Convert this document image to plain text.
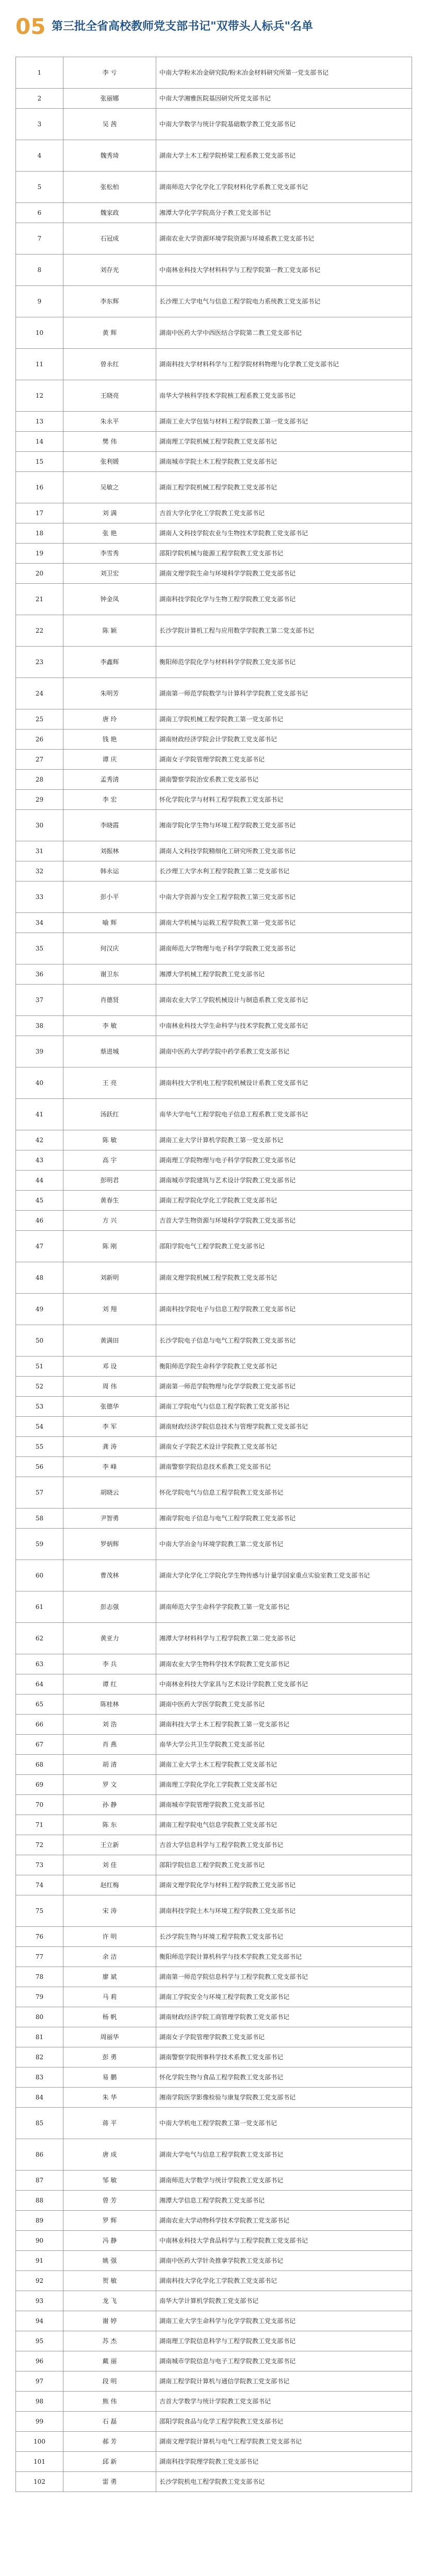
05 第三批全省高校教师党支部书记"双带头人标兵"名单
1	李 亏	中南大学粉末冶金研究院/粉末冶金材料研究所第一党支部书记
2	张丽娜	中南大学湘雅医院基因研究所党支部书记
3	吴 茜	中南大学数学与统计学院基础数学教工党支部书记
4	魏秀琦	湖南大学土木工程学院桥梁工程系教工党支部书记
5	张松柏	湖南师范大学化学化工学院材料化学系教工党支部书记
6	魏家政	湘潭大学化学学院高分子教工党支部书记
7	石冠成	湖南农业大学资源环境学院资源与环境系教工党支部书记
8	刘存光	中南林业科技大学材料科学与工程学院第一教工党支部书记
9	李东辉	长沙理工大学电气与信息工程学院电力系统教工党支部书记
10	黄 辉	湖南中医药大学中西医结合学院第二教工党支部书记
11	曾永红	湖南科技大学材料科学与工程学院材料物理与化学教工党支部书记
12	王晓亮	南华大学核科学技术学院核工程系教工党支部书记
13	朱永平	湖南工业大学包装与材料工程学院教工第一党支部书记
14	樊 伟	湖南理工学院机械工程学院教工党支部书记
15	张利媛	湖南城市学院土木工程学院教工党支部书记
16	吴敏之	湖南工程学院机械工程学院教工党支部书记
17	刘 满	吉首大学化学化工学院教工党支部书记
18	张 艳	湖南人文科技学院农业与生物技术学院教工党支部书记
19	李雪秀	邵阳学院机械与能源工程学院教工党支部书记
20	刘卫宏	湖南文理学院生命与环境科学学院教工党支部书记
21	钟金凤	湖南科技学院化学与生物工程学院教工党支部书记
22	陈 颖	长沙学院计算机工程与应用数学学院教工第二党支部书记
23	李鑫辉	衡阳师范学院化学与材料科学学院教工党支部书记
24	朱明芳	湖南第一师范学院数学与计算科学学院教工党支部书记
25	唐 玲	湖南工学院机械工程学院教工第一党支部书记
26	钱 艳	湖南财政经济学院会计学院教工党支部书记
27	谭 庆	湖南女子学院管理学院教工党支部书记
28	孟秀清	湖南警察学院治安系教工党支部书记
29	李 宏	怀化学院化学与材料工程学院教工党支部书记
30	李晓霞	湘南学院化学生物与环境工程学院教工党支部书记
31	刘振林	湖南人文科技学院精细化工研究所教工党支部书记
32	韩永运	长沙理工大学水利工程学院教工第二党支部书记
33	彭小平	中南大学资源与安全工程学院教工第三党支部书记
34	喻 辉	湖南大学机械与运载工程学院教工第一党支部书记
35	何汉庆	湖南师范大学物理与电子科学学院教工党支部书记
36	谢卫东	湘潭大学机械工程学院教工党支部书记
37	肖德贤	湖南农业大学工学院机械设计与制造系教工党支部书记
38	李 敏	中南林业科技大学生命科学与技术学院教工党支部书记
39	蔡进城	湖南中医药大学药学院中药学系教工党支部书记
40	王 亮	湖南科技大学机电工程学院机械设计系教工党支部书记
41	汤跃红	南华大学电气工程学院电子信息工程系教工党支部书记
42	陈 敏	湖南工业大学计算机学院教工第一党支部书记
43	高 宇	湖南理工学院物理与电子科学学院教工党支部书记
44	彭明君	湖南城市学院建筑与艺术设计学院教工党支部书记
45	黄春生	湖南工程学院化学化工学院教工党支部书记
46	方 兴	吉首大学生物资源与环境科学学院教工党支部书记
47	陈 刚	邵阳学院电气工程学院教工党支部书记
48	刘新明	湖南文理学院机械工程学院教工党支部书记
49	刘 翔	湖南科技学院电子与信息工程学院教工党支部书记
50	黄满田	长沙学院电子信息与电气工程学院教工党支部书记
51	邓 设	衡阳师范学院生命科学学院教工党支部书记
52	周 伟	湖南第一师范学院物理与化学学院教工党支部书记
53	张德华	湖南工学院电气与信息工程学院教工党支部书记
54	李 军	湖南财政经济学院信息技术与管理学院教工党支部书记
55	龚 涛	湖南女子学院艺术设计学院教工党支部书记
56	李 峰	湖南警察学院信息技术系教工党支部书记
57	胡晓云	怀化学院电气与信息工程学院教工党支部书记
58	尹智勇	湘南学院电子信息与电气工程学院教工党支部书记
59	罗炳辉	中南大学冶金与环境学院教工第二党支部书记
60	曹茂林	湖南大学化学化工学院化学生物传感与计量学国家重点实验室教工党支部书记
61	彭志强	湖南师范大学生命科学学院教工第一党支部书记
62	黄亚力	湘潭大学材料科学与工程学院教工第二党支部书记
63	李 兵	湖南农业大学生物科学技术学院教工党支部书记
64	谭 红	中南林业科技大学家具与艺术设计学院教工党支部书记
65	陈桂林	湖南中医药大学医学院教工党支部书记
66	刘 浩	湖南科技大学土木工程学院教工第一党支部书记
67	肖 燕	南华大学公共卫生学院教工党支部书记
68	胡 清	湖南工业大学土木工程学院教工党支部书记
69	罗 文	湖南理工学院化学化工学院教工党支部书记
70	孙 静	湖南城市学院管理学院教工党支部书记
71	陈 东	湖南工程学院电气信息学院教工党支部书记
72	王立新	吉首大学信息科学与工程学院教工党支部书记
73	刘 佳	邵阳学院信息工程学院教工党支部书记
74	赵红梅	湖南文理学院化学与材料工程学院教工党支部书记
75	宋 涛	湖南科技学院土木与环境工程学院教工党支部书记
76	许 明	长沙学院生物与环境工程学院教工党支部书记
77	余 洁	衡阳师范学院计算机科学与技术学院教工党支部书记
78	廖 斌	湖南第一师范学院信息科学与工程学院教工党支部书记
79	马 莉	湖南工学院安全与环境工程学院教工党支部书记
80	杨 帆	湖南财政经济学院工商管理学院教工党支部书记
81	周丽华	湖南女子学院管理学院教工党支部书记
82	彭 勇	湖南警察学院刑事科学技术系教工党支部书记
83	易 鹏	怀化学院生物与食品工程学院教工党支部书记
84	朱 华	湘南学院医学影像检验与康复学院教工党支部书记
85	蒋 平	中南大学机电工程学院教工第一党支部书记
86	唐 成	湖南大学电气与信息工程学院教工党支部书记
87	邹 敏	湖南师范大学数学与统计学院教工党支部书记
88	曾 芳	湘潭大学信息工程学院教工党支部书记
89	罗 辉	湖南农业大学动物科学技术学院教工党支部书记
90	冯 静	中南林业科技大学食品科学与工程学院教工党支部书记
91	姚 强	湖南中医药大学针灸推拿学院教工党支部书记
92	贺 敏	湖南科技大学化学化工学院教工党支部书记
93	龙 飞	南华大学计算机学院教工党支部书记
94	谢 婷	湖南工业大学生命科学与化学学院教工党支部书记
95	苏 杰	湖南理工学院信息科学与工程学院教工党支部书记
96	戴 丽	湖南城市学院信息与电子工程学院教工党支部书记
97	段 明	湖南工程学院计算机与通信学院教工党支部书记
98	熊 伟	吉首大学数学与统计学院教工党支部书记
99	石 磊	邵阳学院食品与化学工程学院教工党支部书记
100	郝 芳	湖南文理学院计算机与电气工程学院教工党支部书记
101	邱 新	湖南科技学院理学院教工党支部书记
102	雷 勇	长沙学院机电工程学院教工党支部书记
